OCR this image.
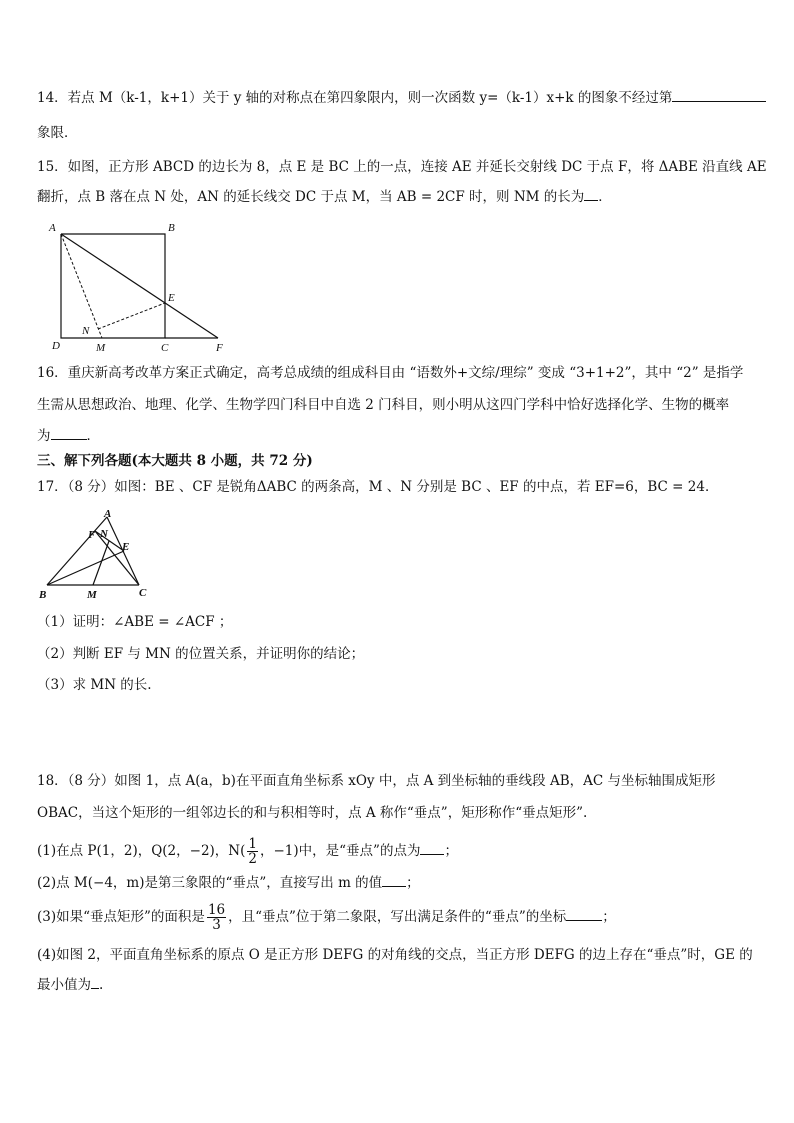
14．若点 M（k-1，k+1）关于 y 轴的对称点在第四象限内，则一次函数 y=（k-1）x+k 的图象不经过第
象限．
15．如图，正方形 ABCD 的边长为 8，点 E 是 BC 上的一点，连接 AE 并延长交射线 DC 于点 F，将 ΔABE 沿直线 AE
翻折，点 B 落在点 N 处，AN 的延长线交 DC 于点 M，当 AB = 2CF 时，则 NM 的长为 ．
A	B
C
D
E
F
M
N
16．重庆新高考改革方案正式确定，高考总成绩的组成科目由 “语数外+文综/理综” 变成 “3+1+2”，其中 “2” 是指学
生需从思想政治、地理、化学、生物学四门科目中自选 2 门科目，则小明从这四门学科中恰好选择化学、生物的概率
为	．
三、解下列各题(本大题共 8 小题，共 72 分)
17．（8 分）如图：BE 、CF 是锐角ΔABC 的两条高，M 、N 分别是 BC 、EF 的中点，若 EF=6，BC = 24．
A
B	C
E
F
M
N
（1）证明：∠ABE = ∠ACF ；
（2）判断 EF 与 MN 的位置关系，并证明你的结论；
（3）求 MN 的长.
18．（8 分）如图 1，点 A(a，b)在平面直角坐标系 xOy 中，点 A 到坐标轴的垂线段 AB，AC 与坐标轴围成矩形
OBAC，当这个矩形的一组邻边长的和与积相等时，点 A 称作“垂点”，矩形称作“垂点矩形”.
(1)在点 P(1，2)，Q(2，−2)，$N( \frac{1}{2}$ ，−1)中，是“垂点”的点为 ；
(2)点 M(−4，m)是第三象限的“垂点”，直接写出 m 的值 ；
(3)如果“垂点矩形”的面积是 $\frac{16}{3}$ ，且“垂点”位于第二象限，写出满足条件的“垂点”的坐标	；
(4)如图 2，平面直角坐标系的原点 O 是正方形 DEFG 的对角线的交点，当正方形 DEFG 的边上存在“垂点”时，GE 的
最小值为 .
